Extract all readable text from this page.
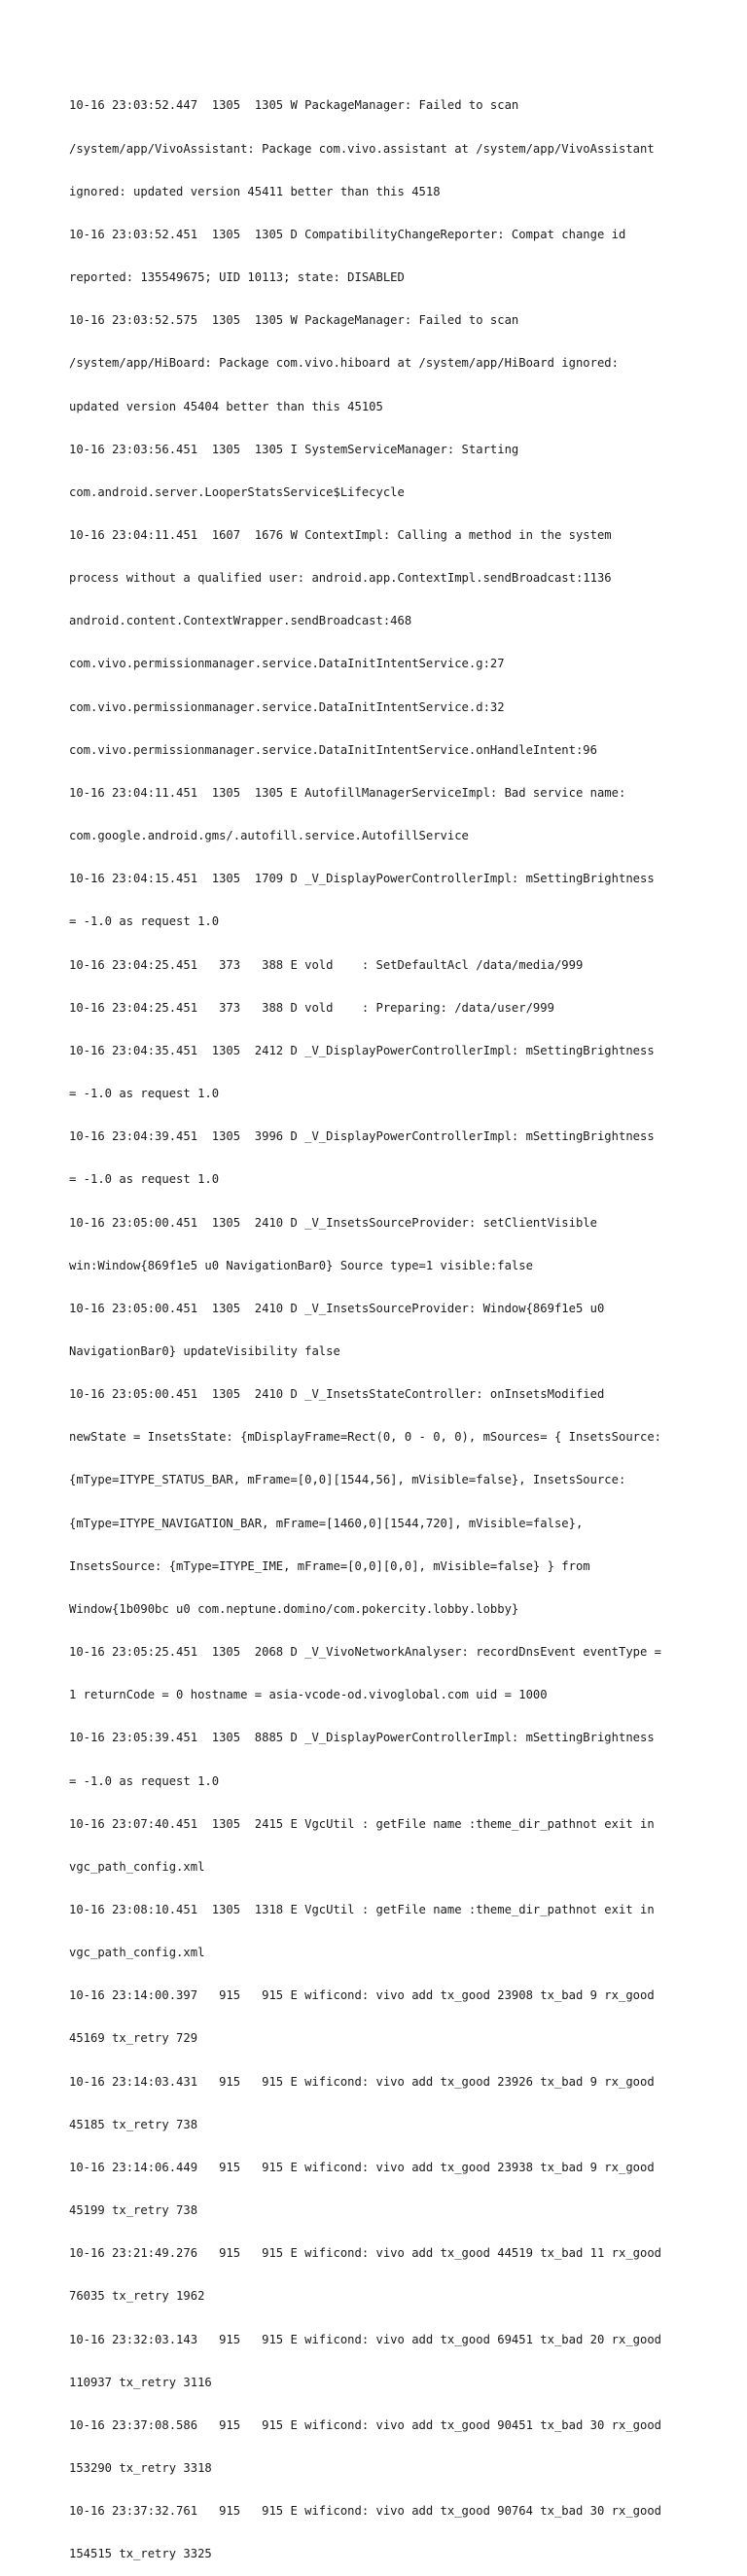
10-16 23:03:52.447  1305  1305 W PackageManager: Failed to scan

/system/app/VivoAssistant: Package com.vivo.assistant at /system/app/VivoAssistant

ignored: updated version 45411 better than this 4518

10-16 23:03:52.451  1305  1305 D CompatibilityChangeReporter: Compat change id

reported: 135549675; UID 10113; state: DISABLED

10-16 23:03:52.575  1305  1305 W PackageManager: Failed to scan

/system/app/HiBoard: Package com.vivo.hiboard at /system/app/HiBoard ignored:

updated version 45404 better than this 45105

10-16 23:03:56.451  1305  1305 I SystemServiceManager: Starting

com.android.server.LooperStatsService$Lifecycle

10-16 23:04:11.451  1607  1676 W ContextImpl: Calling a method in the system

process without a qualified user: android.app.ContextImpl.sendBroadcast:1136

android.content.ContextWrapper.sendBroadcast:468

com.vivo.permissionmanager.service.DataInitIntentService.g:27

com.vivo.permissionmanager.service.DataInitIntentService.d:32

com.vivo.permissionmanager.service.DataInitIntentService.onHandleIntent:96

10-16 23:04:11.451  1305  1305 E AutofillManagerServiceImpl: Bad service name:

com.google.android.gms/.autofill.service.AutofillService

10-16 23:04:15.451  1305  1709 D _V_DisplayPowerControllerImpl: mSettingBrightness

= -1.0 as request 1.0

10-16 23:04:25.451   373   388 E vold    : SetDefaultAcl /data/media/999

10-16 23:04:25.451   373   388 D vold    : Preparing: /data/user/999

10-16 23:04:35.451  1305  2412 D _V_DisplayPowerControllerImpl: mSettingBrightness

= -1.0 as request 1.0

10-16 23:04:39.451  1305  3996 D _V_DisplayPowerControllerImpl: mSettingBrightness

= -1.0 as request 1.0

10-16 23:05:00.451  1305  2410 D _V_InsetsSourceProvider: setClientVisible

win:Window{869f1e5 u0 NavigationBar0} Source type=1 visible:false

10-16 23:05:00.451  1305  2410 D _V_InsetsSourceProvider: Window{869f1e5 u0

NavigationBar0} updateVisibility false

10-16 23:05:00.451  1305  2410 D _V_InsetsStateController: onInsetsModified

newState = InsetsState: {mDisplayFrame=Rect(0, 0 - 0, 0), mSources= { InsetsSource:

{mType=ITYPE_STATUS_BAR, mFrame=[0,0][1544,56], mVisible=false}, InsetsSource:

{mType=ITYPE_NAVIGATION_BAR, mFrame=[1460,0][1544,720], mVisible=false},

InsetsSource: {mType=ITYPE_IME, mFrame=[0,0][0,0], mVisible=false} } from

Window{1b090bc u0 com.neptune.domino/com.pokercity.lobby.lobby}

10-16 23:05:25.451  1305  2068 D _V_VivoNetworkAnalyser: recordDnsEvent eventType =

1 returnCode = 0 hostname = asia-vcode-od.vivoglobal.com uid = 1000

10-16 23:05:39.451  1305  8885 D _V_DisplayPowerControllerImpl: mSettingBrightness

= -1.0 as request 1.0

10-16 23:07:40.451  1305  2415 E VgcUtil : getFile name :theme_dir_pathnot exit in

vgc_path_config.xml

10-16 23:08:10.451  1305  1318 E VgcUtil : getFile name :theme_dir_pathnot exit in

vgc_path_config.xml

10-16 23:14:00.397   915   915 E wificond: vivo add tx_good 23908 tx_bad 9 rx_good

45169 tx_retry 729

10-16 23:14:03.431   915   915 E wificond: vivo add tx_good 23926 tx_bad 9 rx_good

45185 tx_retry 738

10-16 23:14:06.449   915   915 E wificond: vivo add tx_good 23938 tx_bad 9 rx_good

45199 tx_retry 738

10-16 23:21:49.276   915   915 E wificond: vivo add tx_good 44519 tx_bad 11 rx_good

76035 tx_retry 1962

10-16 23:32:03.143   915   915 E wificond: vivo add tx_good 69451 tx_bad 20 rx_good

110937 tx_retry 3116

10-16 23:37:08.586   915   915 E wificond: vivo add tx_good 90451 tx_bad 30 rx_good

153290 tx_retry 3318

10-16 23:37:32.761   915   915 E wificond: vivo add tx_good 90764 tx_bad 30 rx_good

154515 tx_retry 3325
